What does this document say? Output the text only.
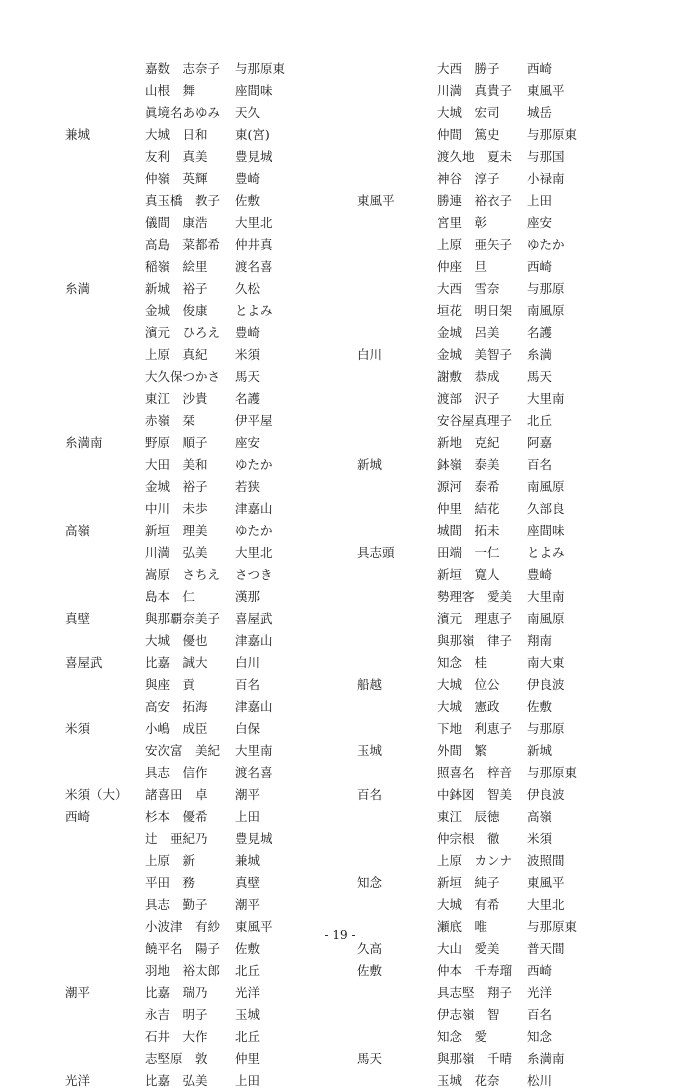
嘉数　志奈子	与那原東
山根　舞	座間味
眞境名あゆみ	天久
兼城	大城　日和	東(宮)
友利　真美	豊見城
仲嶺　英輝	豊崎
真玉橋　教子	佐敷
儀間　康浩	大里北
高島　菜都希	仲井真
稲嶺　絵里	渡名喜
糸満	新城　裕子	久松
金城　俊康	とよみ
濱元　ひろえ	豊崎
上原　真紀	米須
大久保つかさ	馬天
東江　沙貴	名護
赤嶺　栞	伊平屋
糸満南	野原　順子	座安
大田　美和	ゆたか
金城　裕子	若狭
中川　未歩	津嘉山
高嶺	新垣　理美	ゆたか
川満　弘美	大里北
嵩原　さちえ	さつき
島本　仁	漢那
真壁	與那覇奈美子	喜屋武
大城　優也	津嘉山
喜屋武	比嘉　誠大	白川
與座　貢	百名
高安　拓海	津嘉山
米須	小嶋　成臣	白保
安次富　美紀	大里南
具志　信作	渡名喜
米須（大）	諸喜田　卓	潮平
西崎	杉本　優希	上田
辻　亜紀乃	豊見城
上原　新	兼城
平田　務	真壁
具志　勤子	潮平
小波津　有紗	東風平
饒平名　陽子	佐敷
羽地　裕太郎	北丘
潮平	比嘉　瑞乃	光洋
永吉　明子	玉城
石井　大作	北丘
志堅原　敦	仲里
光洋	比嘉　弘美	上田
大西　勝子	西崎
川満　真貴子	東風平
大城　宏司	城岳
仲間　篤史	与那原東
渡久地　夏未	与那国
神谷　淳子	小禄南
東風平	勝連　裕衣子	上田
宮里　彰	座安
上原　亜矢子	ゆたか
仲座　旦	西崎
大西　雪奈	与那原
垣花　明日架	南風原
金城　呂美	名護
白川	金城　美智子	糸満
謝敷　恭成	馬天
渡部　沢子	大里南
安谷屋真理子	北丘
新地　克紀	阿嘉
新城	鉢嶺　泰美	百名
源河　泰希	南風原
仲里　結花	久部良
城間　拓未	座間味
具志頭	田端　一仁	とよみ
新垣　寛人	豊崎
勢理客　愛美	大里南
濱元　理恵子	南風原
與那嶺　律子	翔南
知念　桂	南大東
船越	大城　位公	伊良波
大城　憲政	佐敷
下地　利恵子	与那原
玉城	外間　繁	新城
照喜名　梓音	与那原東
百名	中鉢図　智美	伊良波
東江　辰徳	高嶺
仲宗根　徹	米須
上原　カンナ	波照間
知念	新垣　純子	東風平
大城　有希	大里北
瀬底　唯	与那原東
久高	大山　愛美	普天間
佐敷	仲本　千寿瑠	西崎
具志堅　翔子	光洋
伊志嶺　智	百名
知念　愛	知念
馬天	與那嶺　千晴	糸満南
玉城　花奈	松川
- 19 -
